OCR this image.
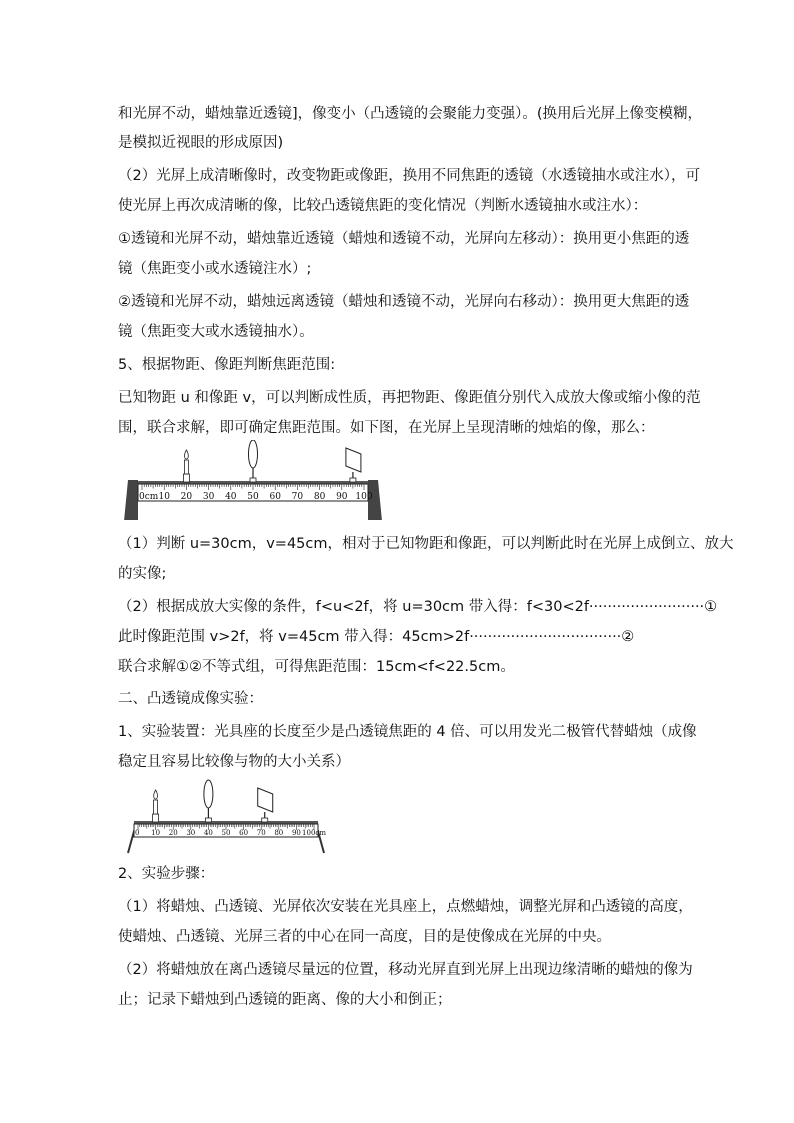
和光屏不动，蜡烛靠近透镜]，像变小（凸透镜的会聚能力变强）。(换用后光屏上像变模糊，
是模拟近视眼的形成原因)
（2）光屏上成清晰像时，改变物距或像距，换用不同焦距的透镜（水透镜抽水或注水），可
使光屏上再次成清晰的像，比较凸透镜焦距的变化情况（判断水透镜抽水或注水）：
①透镜和光屏不动，蜡烛靠近透镜（蜡烛和透镜不动，光屏向左移动）：换用更小焦距的透
镜（焦距变小或水透镜注水）;
②透镜和光屏不动，蜡烛远离透镜（蜡烛和透镜不动，光屏向右移动）：换用更大焦距的透
镜（焦距变大或水透镜抽水）。
5、根据物距、像距判断焦距范围:
已知物距 u 和像距 v，可以判断成性质，再把物距、像距值分别代入成放大像或缩小像的范
围，联合求解，即可确定焦距范围。如下图，在光屏上呈现清晰的烛焰的像，那么：
0cm 10 20 30 40 50 60 70 80 90 100
（1）判断 u=30cm，v=45cm，相对于已知物距和像距，可以判断此时在光屏上成倒立、放大
的实像;
（2）根据成放大实像的条件，f<u<2f，将 u=30cm 带入得：f<30<2f·························①
此时像距范围 v>2f，将 v=45cm 带入得：45cm>2f·································②
联合求解①②不等式组，可得焦距范围：15cm<f<22.5cm。
二、凸透镜成像实验：
1、实验装置：光具座的长度至少是凸透镜焦距的 4 倍、可以用发光二极管代替蜡烛（成像
稳定且容易比较像与物的大小关系）
0 10 20 30 40 50 60 70 80 90 100cm
2、实验步骤：
（1）将蜡烛、凸透镜、光屏依次安装在光具座上，点燃蜡烛，调整光屏和凸透镜的高度，
使蜡烛、凸透镜、光屏三者的中心在同一高度，目的是使像成在光屏的中央。
（2）将蜡烛放在离凸透镜尽量远的位置，移动光屏直到光屏上出现边缘清晰的蜡烛的像为
止；记录下蜡烛到凸透镜的距离、像的大小和倒正；
